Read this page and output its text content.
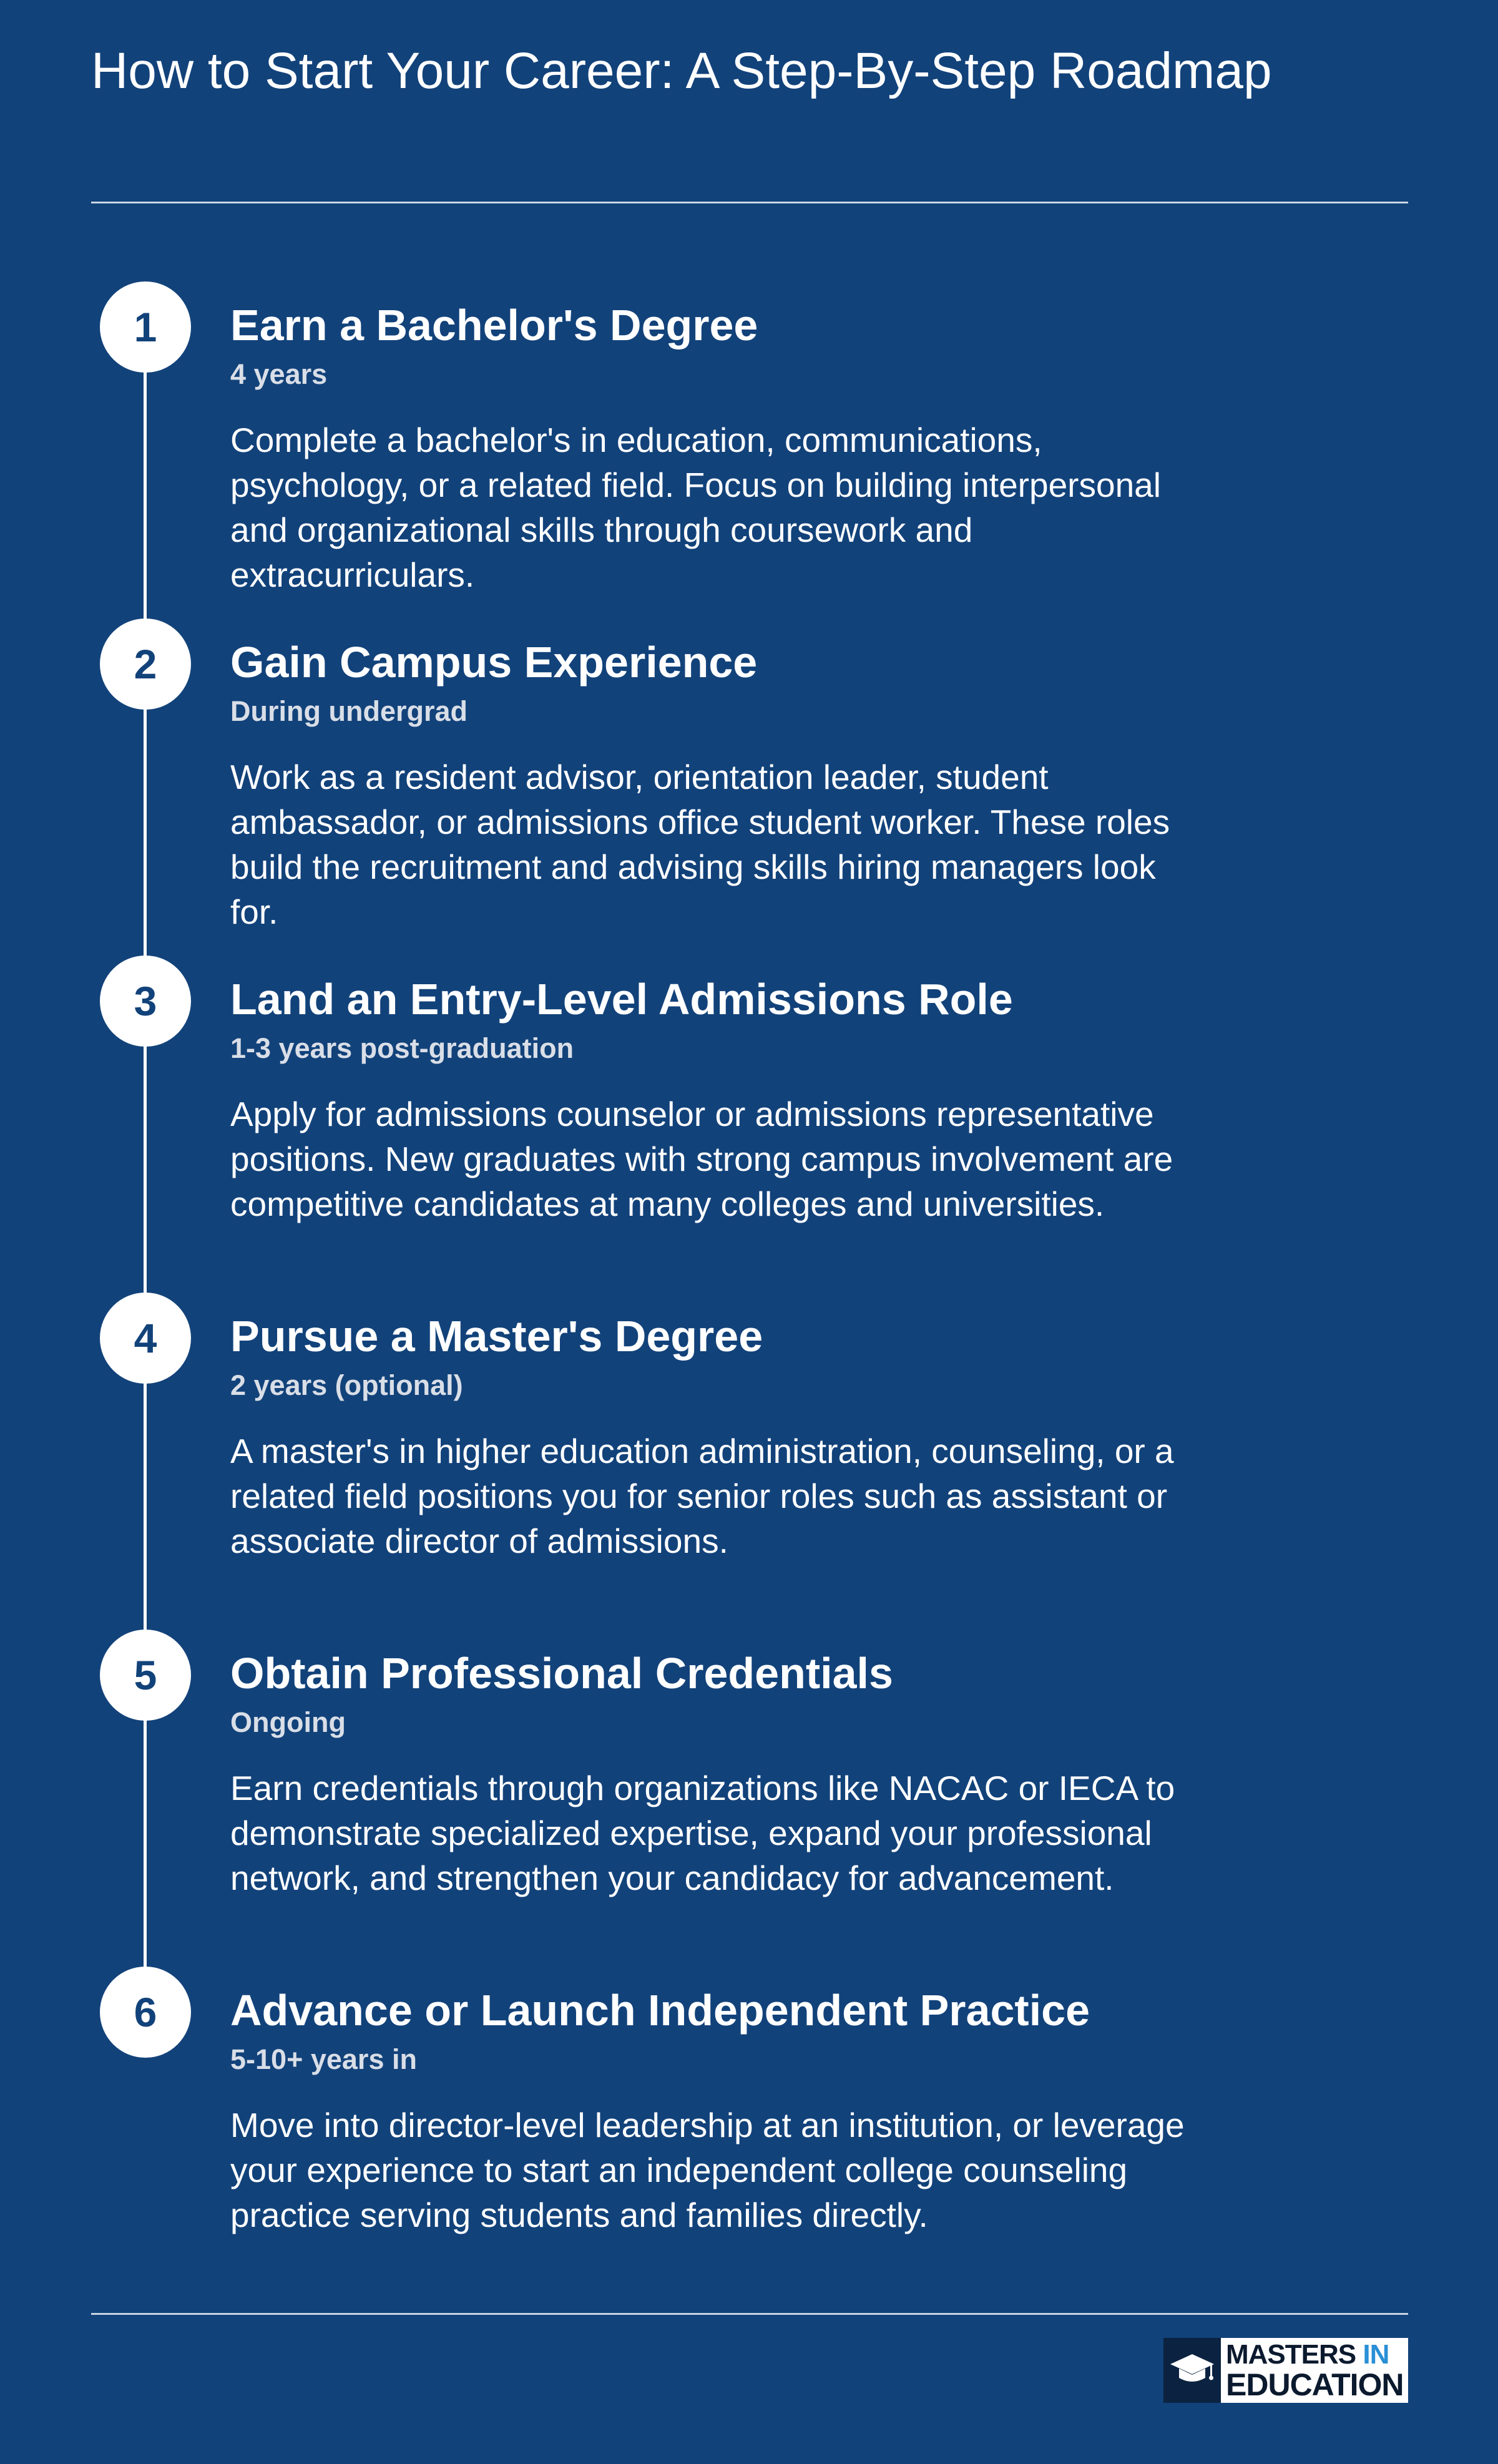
How to Start Your Career: A Step-By-Step Roadmap
1	Earn a Bachelor's Degree
4 years

Complete a bachelor's in education, communications, psychology, or a related field. Focus on building interpersonal and organizational skills through coursework and extracurriculars.

2	Gain Campus Experience
During undergrad

Work as a resident advisor, orientation leader, student ambassador, or admissions office student worker. These roles build the recruitment and advising skills hiring managers look for.

3	Land an Entry-Level Admissions Role
1-3 years post-graduation

Apply for admissions counselor or admissions representative positions. New graduates with strong campus involvement are competitive candidates at many colleges and universities.

4	Pursue a Master's Degree
2 years (optional)

A master's in higher education administration, counseling, or a related field positions you for senior roles such as assistant or associate director of admissions.

5	Obtain Professional Credentials
Ongoing

Earn credentials through organizations like NACAC or IECA to demonstrate specialized expertise, expand your professional network, and strengthen your candidacy for advancement.

6	Advance or Launch Independent Practice
5-10+ years in

Move into director-level leadership at an institution, or leverage your experience to start an independent college counseling practice serving students and families directly.

MASTERS IN
EDUCATION
